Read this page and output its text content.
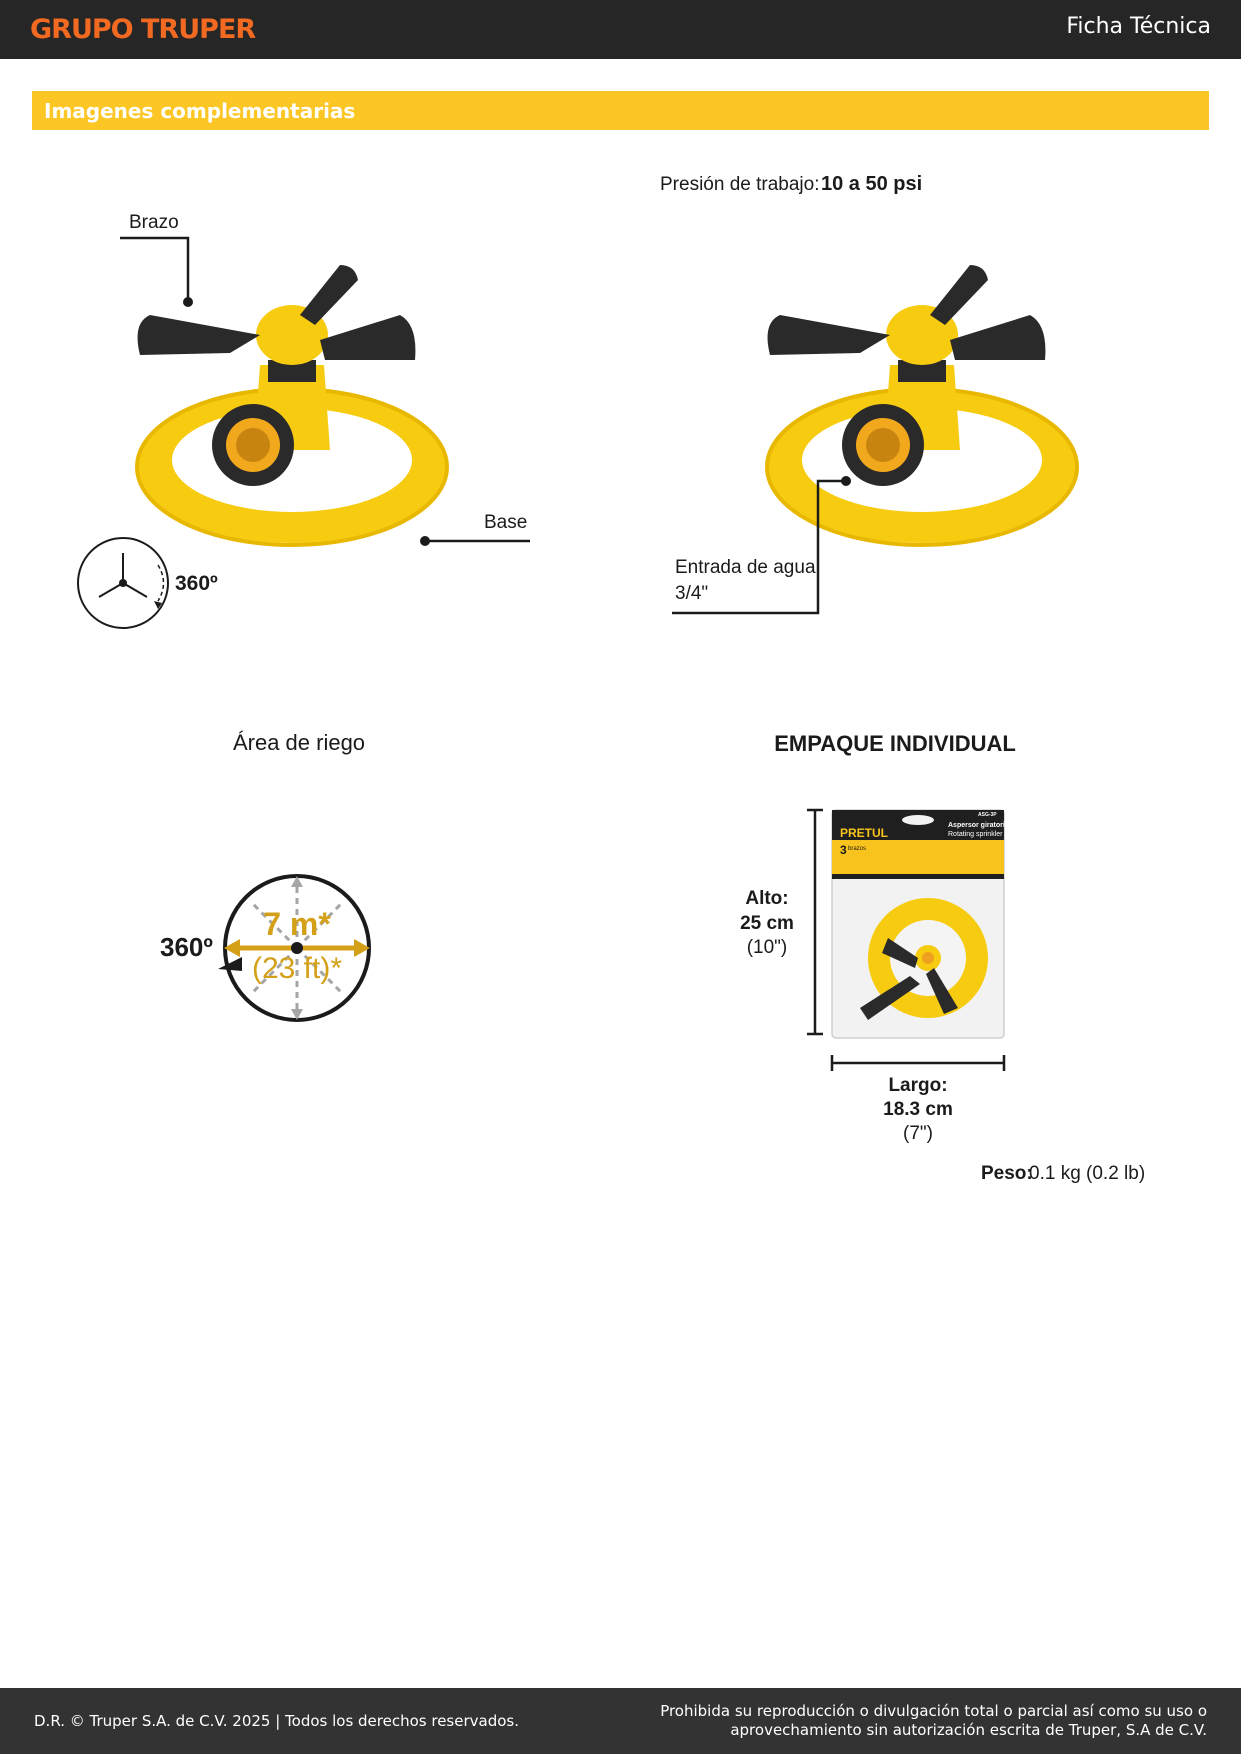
GRUPO TRUPER	Ficha Técnica
Imagenes complementarias
Brazo
Base
360º
Presión de trabajo: 10 a 50 psi
Entrada de agua
3/4"
Área de riego
7 m*
(23 ft)*
360º
EMPAQUE INDIVIDUAL
Alto:
25 cm
(10")
PRETUL
ASG-3P
Aspersor giratorio
Rotating sprinkler
3 brazos
Largo:
18.3 cm
(7")
Peso:
0.1 kg (0.2 lb)
D.R. © Truper S.A. de C.V. 2025 | Todos los derechos reservados.
Prohibida su reproducción o divulgación total o parcial así como su uso o
aprovechamiento sin autorización escrita de Truper, S.A de C.V.
